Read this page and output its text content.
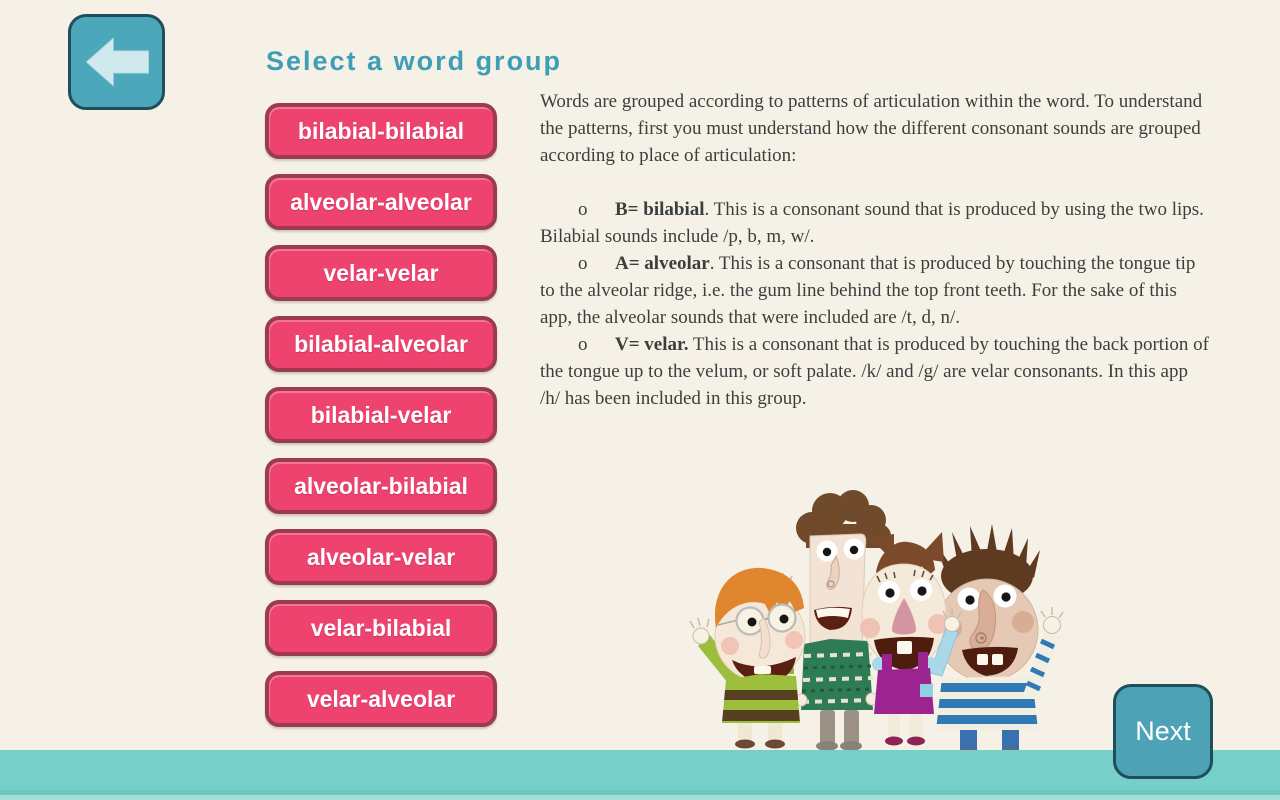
Select a word group
bilabial-bilabial
alveolar-alveolar
velar-velar
bilabial-alveolar
bilabial-velar
alveolar-bilabial
alveolar-velar
velar-bilabial
velar-alveolar

Words are grouped according to patterns of articulation within the word. To understand the patterns, first you must understand how the different consonant sounds are grouped according to place of articulation:

o B= bilabial. This is a consonant sound that is produced by using the two lips. Bilabial sounds include /p, b, m, w/.

o A= alveolar. This is a consonant that is produced by touching the tongue tip to the alveolar ridge, i.e. the gum line behind the top front teeth. For the sake of this app, the alveolar sounds that were included are /t, d, n/.

o V= velar. This is a consonant that is produced by touching the back portion of the tongue up to the velum, or soft palate. /k/ and /g/ are velar consonants. In this app /h/ has been included in this group.

Next
